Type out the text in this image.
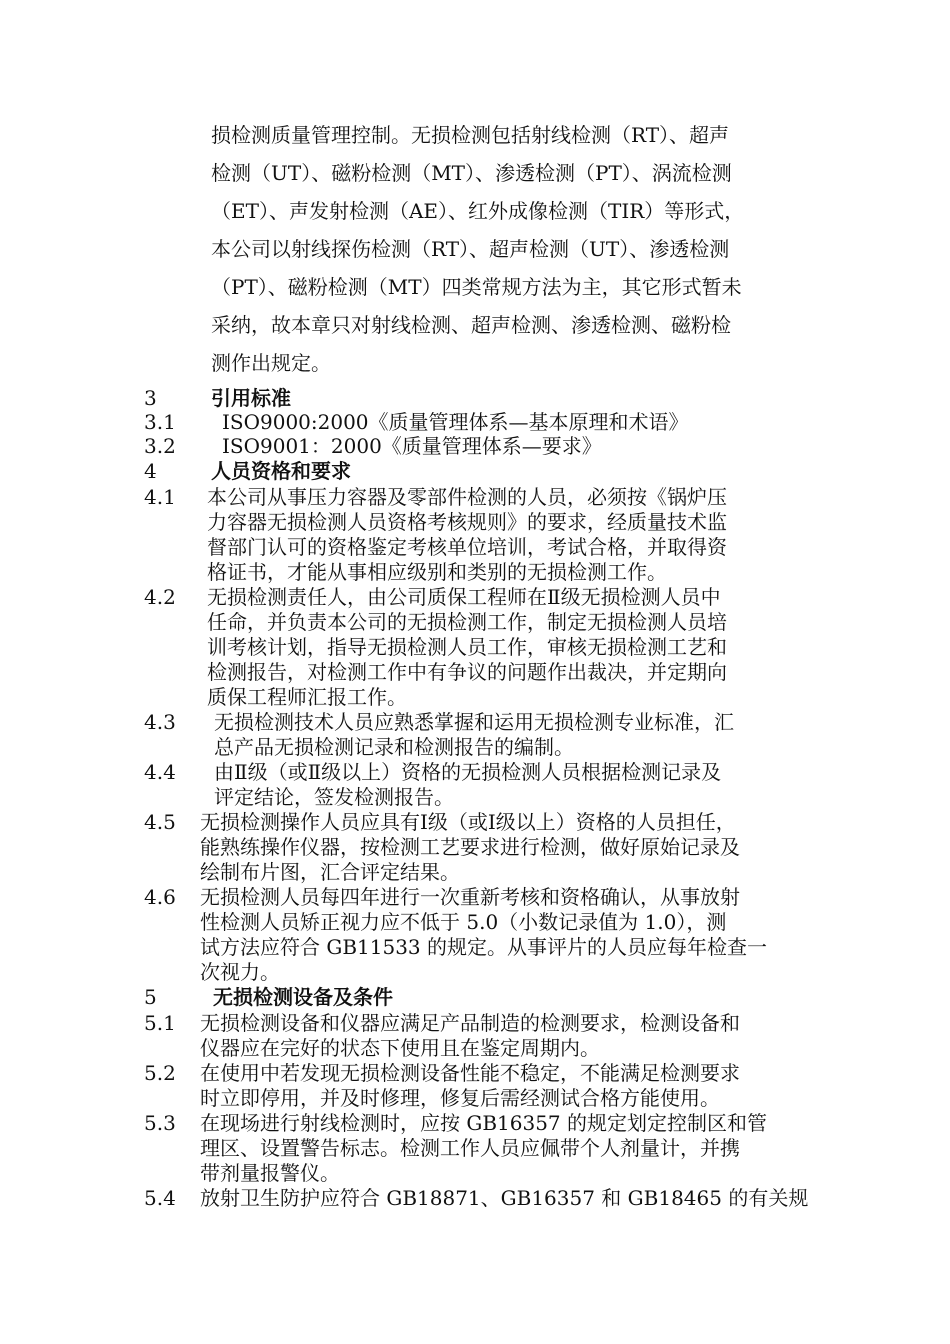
损检测质量管理控制。无损检测包括射线检测（RT）、超声
检测（UT）、磁粉检测（MT）、渗透检测（PT）、涡流检测
（ET）、声发射检测（AE）、红外成像检测（TIR）等形式，
本公司以射线探伤检测（RT）、超声检测（UT）、渗透检测
（PT）、磁粉检测（MT）四类常规方法为主，其它形式暂未
采纳，故本章只对射线检测、超声检测、渗透检测、磁粉检
测作出规定。
3	引用标准
3.1 ISO9000:2000《质量管理体系—基本原理和术语》
3.2 ISO9001：2000《质量管理体系—要求》
4	人员资格和要求
4.1 本公司从事压力容器及零部件检测的人员，必须按《锅炉压
力容器无损检测人员资格考核规则》的要求，经质量技术监
督部门认可的资格鉴定考核单位培训，考试合格，并取得资
格证书，才能从事相应级别和类别的无损检测工作。
4.2 无损检测责任人，由公司质保工程师在Ⅱ级无损检测人员中
任命，并负责本公司的无损检测工作，制定无损检测人员培
训考核计划，指导无损检测人员工作，审核无损检测工艺和
检测报告，对检测工作中有争议的问题作出裁决，并定期向
质保工程师汇报工作。
4.3 无损检测技术人员应熟悉掌握和运用无损检测专业标准，汇
总产品无损检测记录和检测报告的编制。
4.4 由Ⅱ级（或Ⅱ级以上）资格的无损检测人员根据检测记录及
评定结论，签发检测报告。
4.5 无损检测操作人员应具有Ⅰ级（或Ⅰ级以上）资格的人员担任，
能熟练操作仪器，按检测工艺要求进行检测，做好原始记录及
绘制布片图，汇合评定结果。
4.6 无损检测人员每四年进行一次重新考核和资格确认，从事放射
性检测人员矫正视力应不低于 5.0（小数记录值为 1.0），测
试方法应符合 GB11533 的规定。从事评片的人员应每年检查一
次视力。
5	无损检测设备及条件
5.1 无损检测设备和仪器应满足产品制造的检测要求，检测设备和
仪器应在完好的状态下使用且在鉴定周期内。
5.2 在使用中若发现无损检测设备性能不稳定，不能满足检测要求
时立即停用，并及时修理，修复后需经测试合格方能使用。
5.3 在现场进行射线检测时，应按 GB16357 的规定划定控制区和管
理区、设置警告标志。检测工作人员应佩带个人剂量计，并携
带剂量报警仪。
5.4 放射卫生防护应符合 GB18871、GB16357 和 GB18465 的有关规
